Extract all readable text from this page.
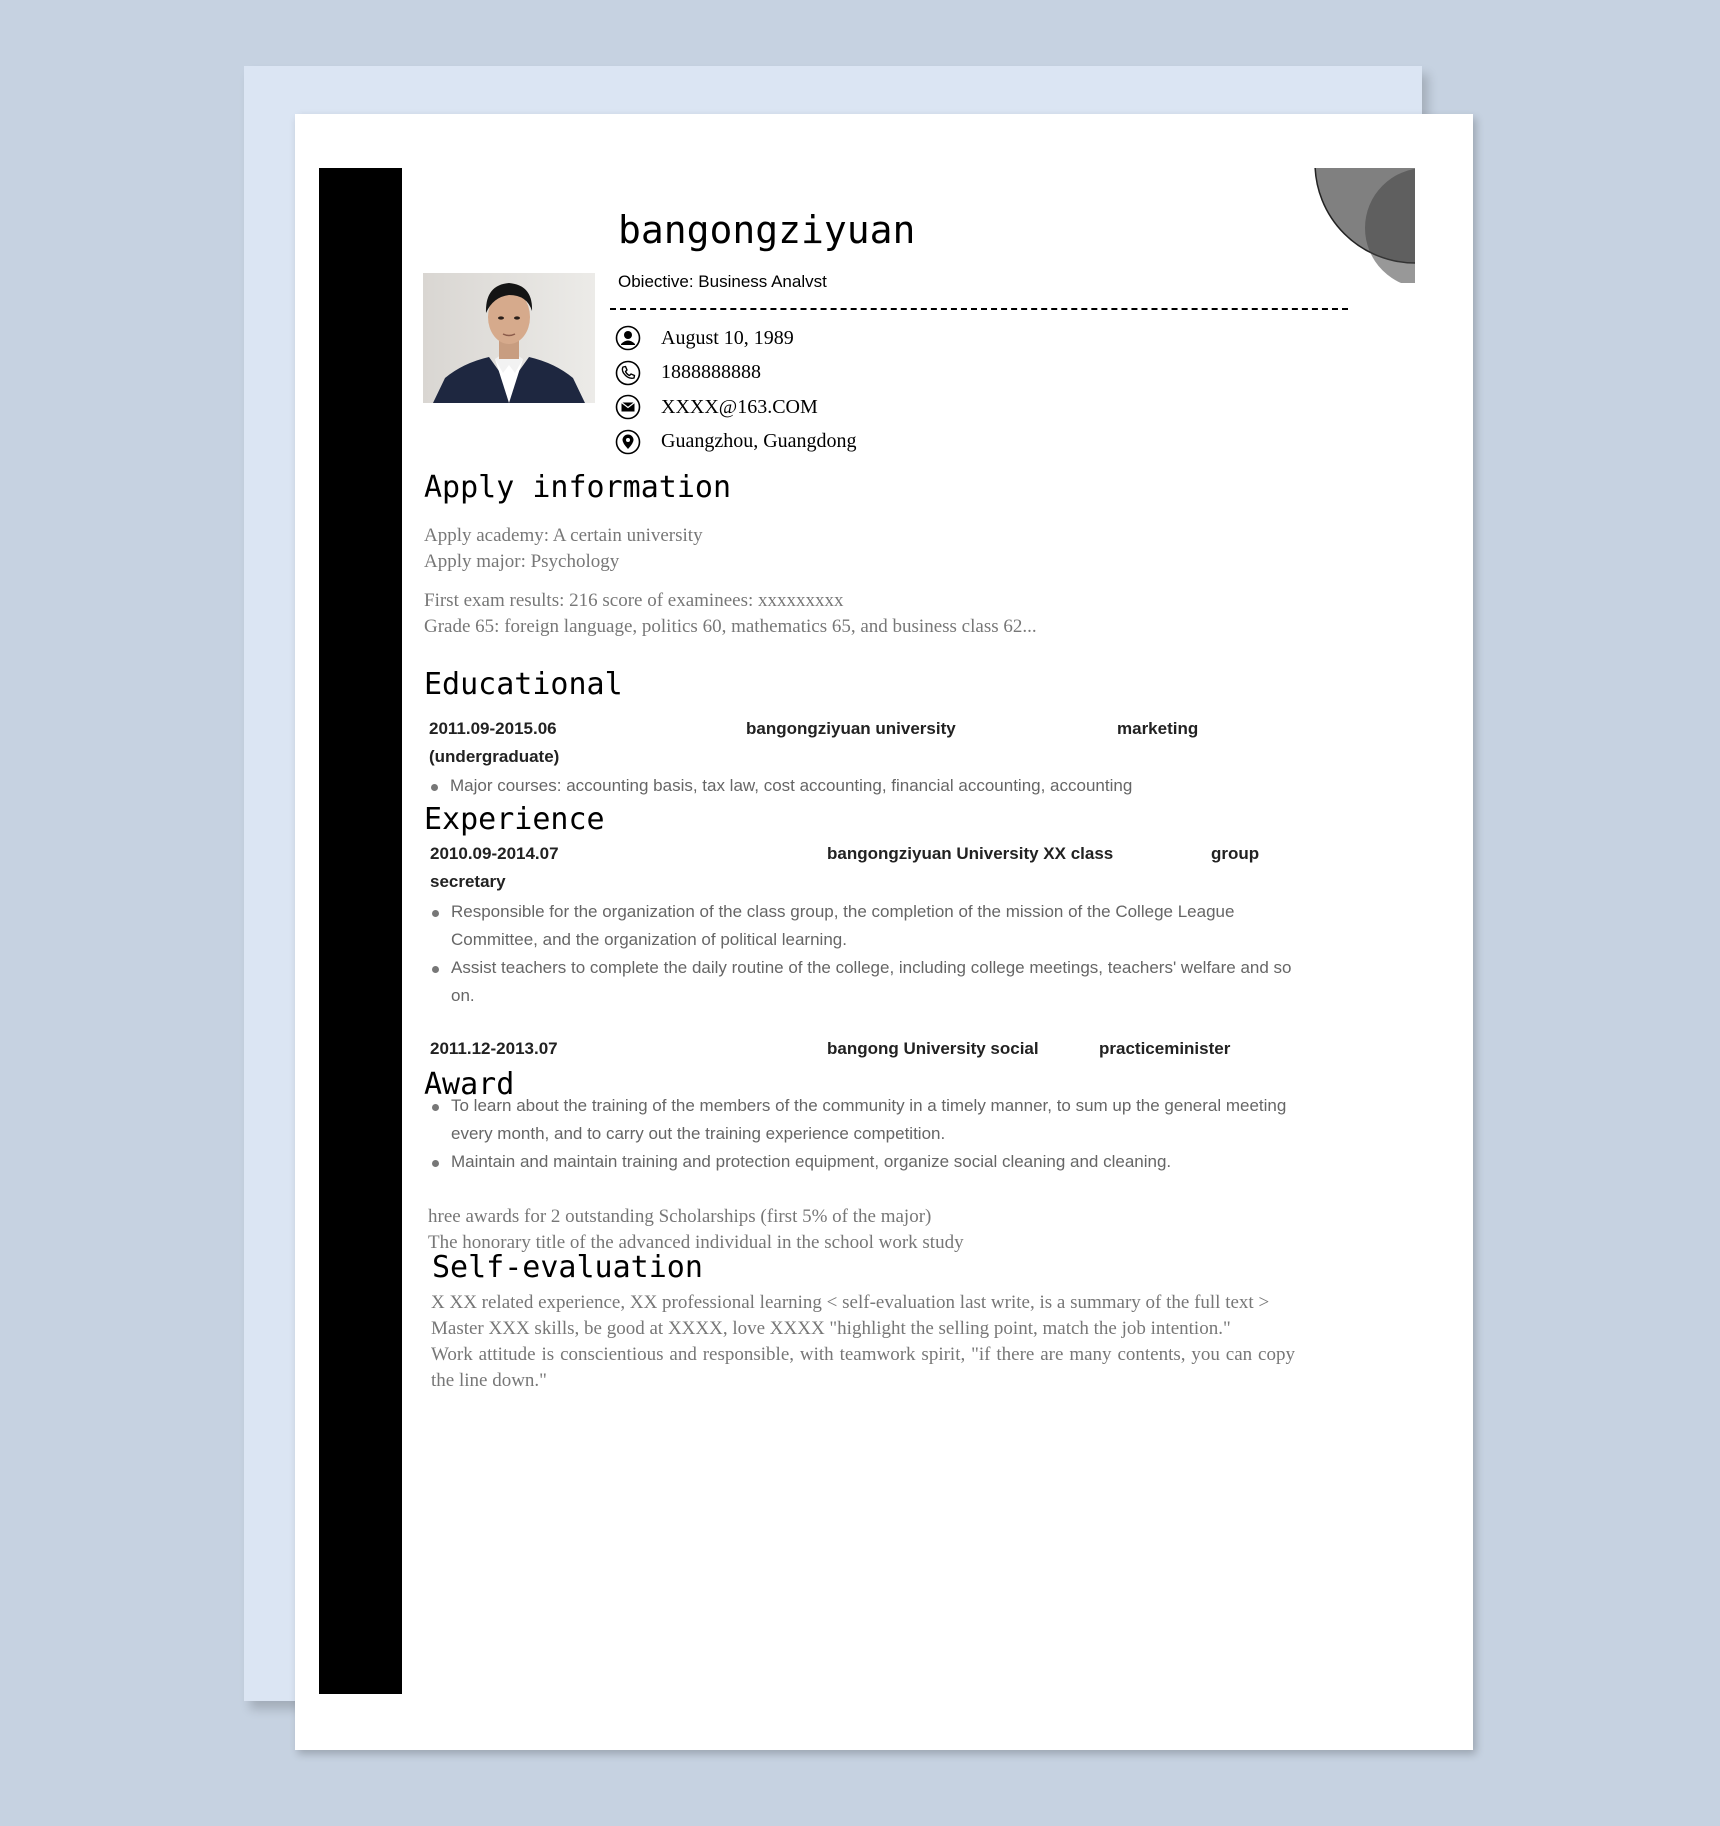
bangongziyuan
Obiective: Business Analvst
August 10, 1989
1888888888
XXXX@163.COM
Guangzhou, Guangdong
Apply information
Apply academy: A certain university
Apply major: Psychology
First exam results: 216 score of examinees: xxxxxxxxx
Grade 65: foreign language, politics 60, mathematics 65, and business class 62...
Educational
2011.09-2015.06	bangongziyuan university	marketing
(undergraduate)
Major courses: accounting basis, tax law, cost accounting, financial accounting, accounting
Experience
2010.09-2014.07	bangongziyuan University XX class	group
secretary
Responsible for the organization of the class group, the completion of the mission of the College League Committee, and the organization of political learning.
Assist teachers to complete the daily routine of the college, including college meetings, teachers' welfare and so on.
2011.12-2013.07	bangong University social	practiceminister
To learn about the training of the members of the community in a timely manner, to sum up the general meeting every month, and to carry out the training experience competition.
Maintain and maintain training and protection equipment, organize social cleaning and cleaning.
Award
hree awards for 2 outstanding Scholarships (first 5% of the major)
The honorary title of the advanced individual in the school work study
Self-evaluation

X XX related experience, XX professional learning < self-evaluation last write, is a summary of the full text >

Master XXX skills, be good at XXXX, love XXXX "highlight the selling point, match the job intention."

Work attitude is conscientious and responsible, with teamwork spirit, "if there are many contents, you can copy the line down."
